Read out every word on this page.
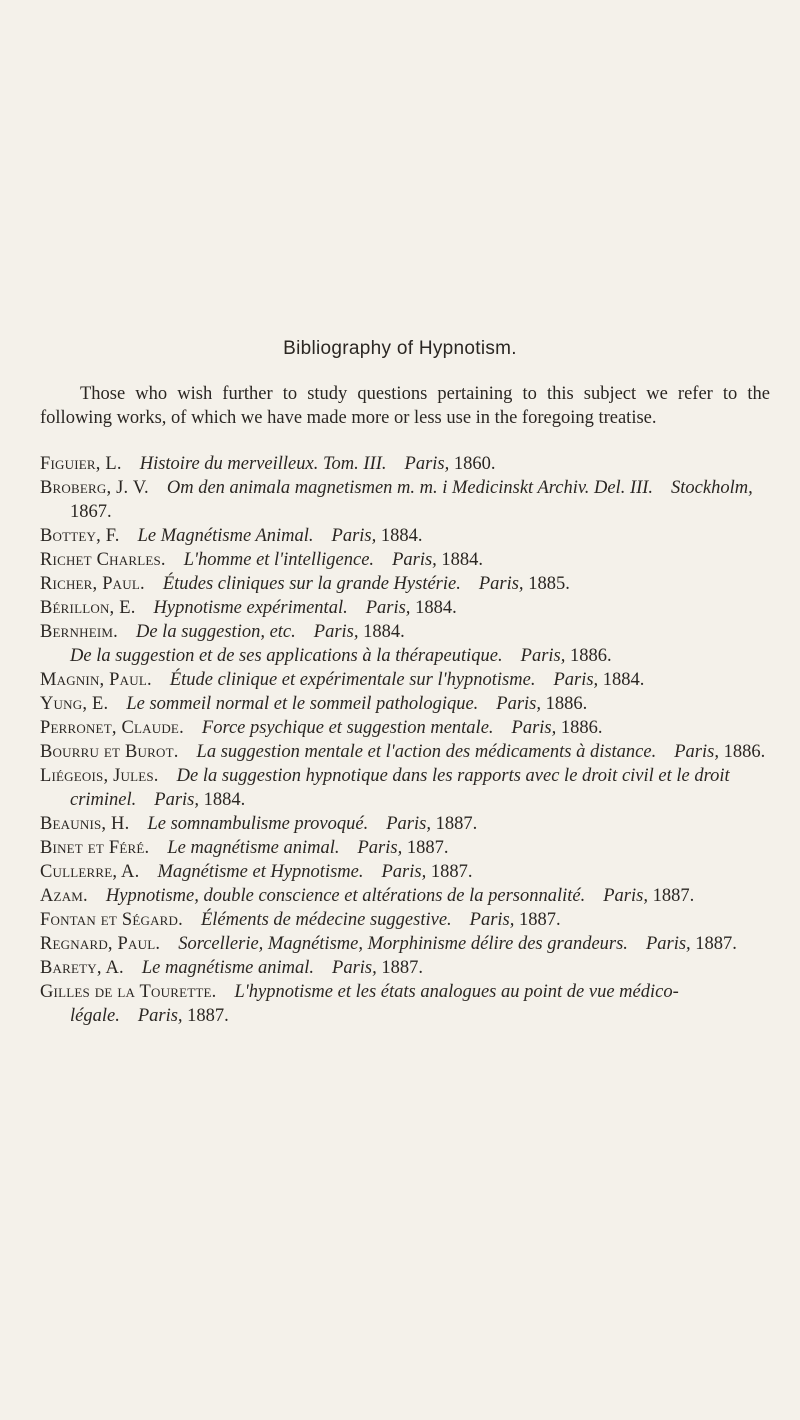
Bibliography of Hypnotism.

Those who wish further to study questions pertaining to this subject we refer to the following works, of which we have made more or less use in the foregoing treatise.

Figuier, L. Histoire du merveilleux. Tom. III. Paris, 1860.

Broberg, J. V. Om den animala magnetismen m. m. i Medicinskt Archiv. Del. III. Stockholm, 1867.

Bottey, F. Le Magnétisme Animal. Paris, 1884.

Richet Charles. L'homme et l'intelligence. Paris, 1884.

Richer, Paul. Études cliniques sur la grande Hystérie. Paris, 1885.

Bérillon, E. Hypnotisme expérimental. Paris, 1884.

Bernheim. De la suggestion, etc. Paris, 1884.

De la suggestion et de ses applications à la thérapeutique. Paris, 1886.

Magnin, Paul. Étude clinique et expérimentale sur l'hypnotisme. Paris, 1884.

Yung, E. Le sommeil normal et le sommeil pathologique. Paris, 1886.

Perronet, Claude. Force psychique et suggestion mentale. Paris, 1886.

Bourru et Burot. La suggestion mentale et l'action des médicaments à distance. Paris, 1886.

Liégeois, Jules. De la suggestion hypnotique dans les rapports avec le droit civil et le droit criminel. Paris, 1884.

Beaunis, H. Le somnambulisme provoqué. Paris, 1887.

Binet et Féré. Le magnétisme animal. Paris, 1887.

Cullerre, A. Magnétisme et Hypnotisme. Paris, 1887.

Azam. Hypnotisme, double conscience et altérations de la personnalité. Paris, 1887.

Fontan et Ségard. Éléments de médecine suggestive. Paris, 1887.

Regnard, Paul. Sorcellerie, Magnétisme, Morphinisme délire des grandeurs. Paris, 1887.

Barety, A. Le magnétisme animal. Paris, 1887.

Gilles de la Tourette. L'hypnotisme et les états analogues au point de vue médico-légale. Paris, 1887.
